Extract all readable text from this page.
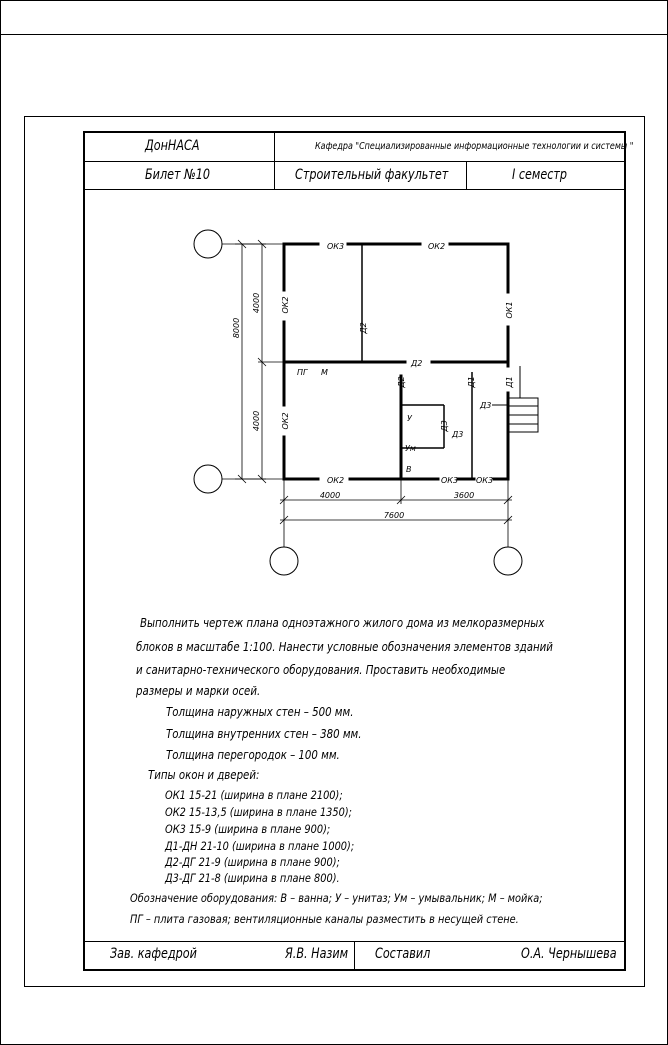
ДонНАСА	Кафедра "Специализированные информационные технологии и системы "
Билет №10	Строительный факультет	I семестр
Зав. кафедрой	Я.В. Назим Составил	О.А. Чернышева
ОК3	ОК2
Д2
ОК2	ОК3 ОК3
Д3
Д3
ПГ М
У
Ум
В
ОК2
ОК2
ОК1
Д2
Д2	Д1	Д1
Д3
8000
4000
4000
4000	3600
7600
Выполнить чертеж плана одноэтажного жилого дома из мелкоразмерных
блоков в масштабе 1:100. Нанести условные обозначения элементов зданий
и санитарно-технического оборудования. Проставить необходимые
размеры и марки осей.
Толщина наружных стен – 500 мм.
Толщина внутренних стен – 380 мм.
Толщина перегородок – 100 мм.
Типы окон и дверей:
ОК1 15-21 (ширина в плане 2100);
ОК2 15-13,5 (ширина в плане 1350);
ОК3 15-9 (ширина в плане 900);
Д1-ДН 21-10 (ширина в плане 1000);
Д2-ДГ 21-9 (ширина в плане 900);
Д3-ДГ 21-8 (ширина в плане 800).
Обозначение оборудования: В – ванна; У – унитаз; Ум – умывальник; М – мойка;
ПГ – плита газовая; вентиляционные каналы разместить в несущей стене.
